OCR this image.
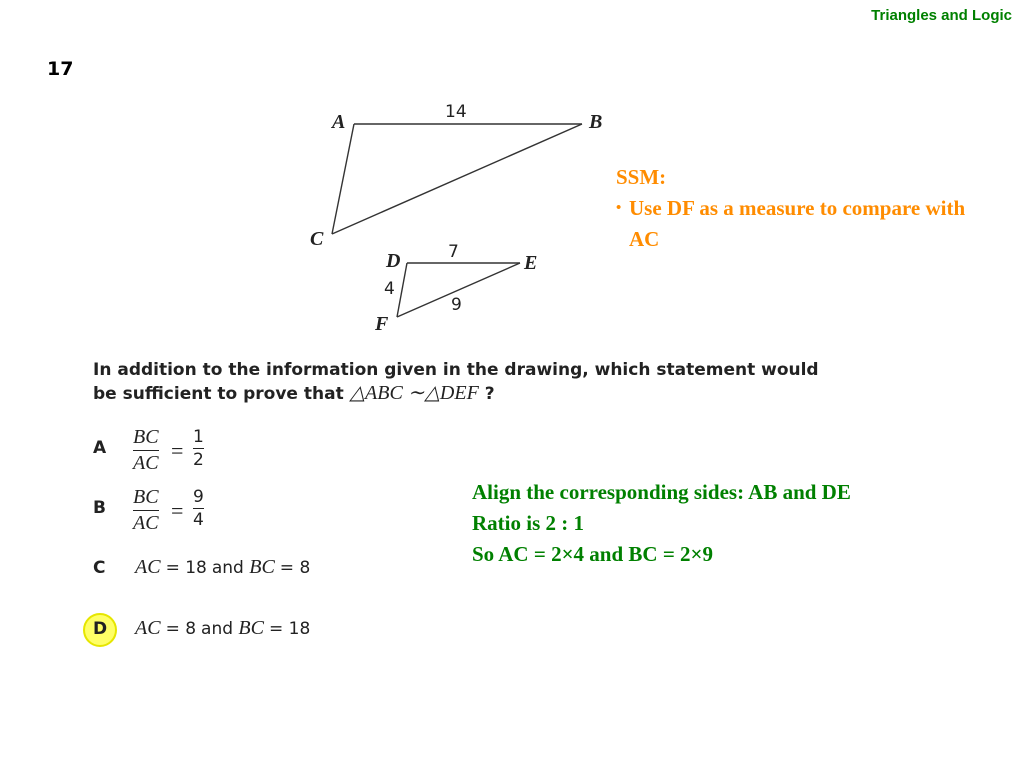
Triangles and Logic
17
A	B
C
D	E
F
14
7
4
9
SSM:
• Use DF as a measure to compare with AC
In addition to the information given in the drawing, which statement would
be sufficient to prove that △ABC ∼△DEF ?
A BC
AC =
1
2
B BC
AC =
9
4
C AC = 18 and BC = 8
D AC = 8 and BC = 18
Align the corresponding sides: AB and DE
Ratio is 2 : 1
So AC = 2×4 and BC = 2×9
